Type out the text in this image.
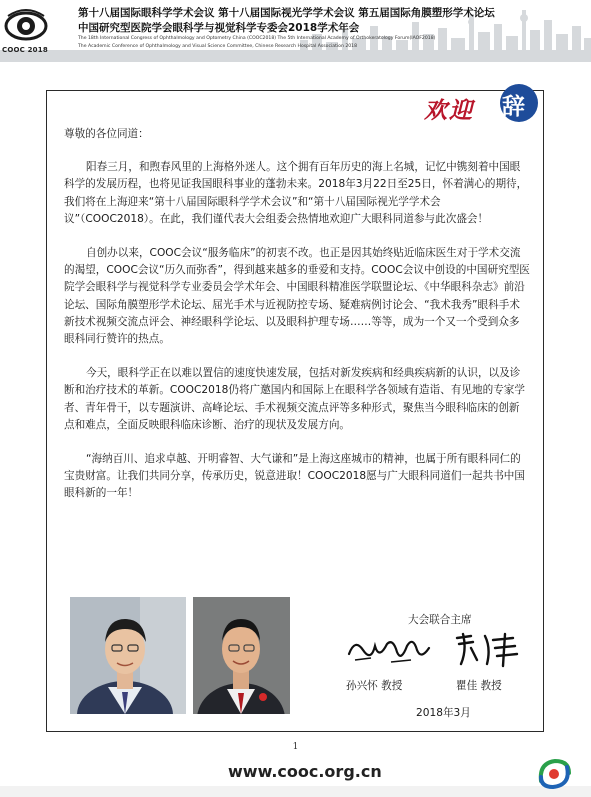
COOC 2018
第十八届国际眼科学学术会议 第十八届国际视光学学术会议 第五届国际角膜塑形学术论坛
中国研究型医院学会眼科学与视觉科学专委会2018学术年会
The 18th International Congress of Ophthalmology and Optometry China (COOC2018) The 5th International Academy of Orthokeratology Forum(IAOF2018)
The Academic Conference of Ophthalmology and Visual Science Committee, Chinese Research Hospital Association 2018
欢迎 辞

尊敬的各位同道：

阳春三月，和煦春风里的上海格外迷人。这个拥有百年历史的海上名城，记忆中镌刻着中国眼科学的发展历程，也将见证我国眼科事业的蓬勃未来。2018年3月22日至25日，怀着满心的期待，我们将在上海迎来“第十八届国际眼科学学术会议”和“第十八届国际视光学学术会议”（COOC2018）。在此，我们谨代表大会组委会热情地欢迎广大眼科同道参与此次盛会！

自创办以来，COOC会议“服务临床”的初衷不改。也正是因其始终贴近临床医生对于学术交流的渴望，COOC会议“历久而弥香”，得到越来越多的垂爱和支持。COOC会议中创设的中国研究型医院学会眼科学与视觉科学专业委员会学术年会、中国眼科精准医学联盟论坛、《中华眼科杂志》前沿论坛、国际角膜塑形学术论坛、屈光手术与近视防控专场、疑难病例讨论会、“我术我秀”眼科手术新技术视频交流点评会、神经眼科学论坛、以及眼科护理专场……等等，成为一个又一个受到众多眼科同行赞许的热点。

今天，眼科学正在以难以置信的速度快速发展，包括对新发疾病和经典疾病新的认识，以及诊断和治疗技术的革新。COOC2018仍将广邀国内和国际上在眼科学各领域有造诣、有见地的专家学者、青年骨干，以专题演讲、高峰论坛、手术视频交流点评等多种形式，聚焦当今眼科临床的创新点和难点，全面反映眼科临床诊断、治疗的现状及发展方向。

“海纳百川、追求卓越、开明睿智、大气谦和”是上海这座城市的精神，也属于所有眼科同仁的宝贵财富。让我们共同分享，传承历史，锐意进取！COOC2018愿与广大眼科同道们一起共书中国眼科新的一年！

大会联合主席
孙兴怀 教授	瞿佳 教授
2018年3月
1
www.cooc.org.cn
